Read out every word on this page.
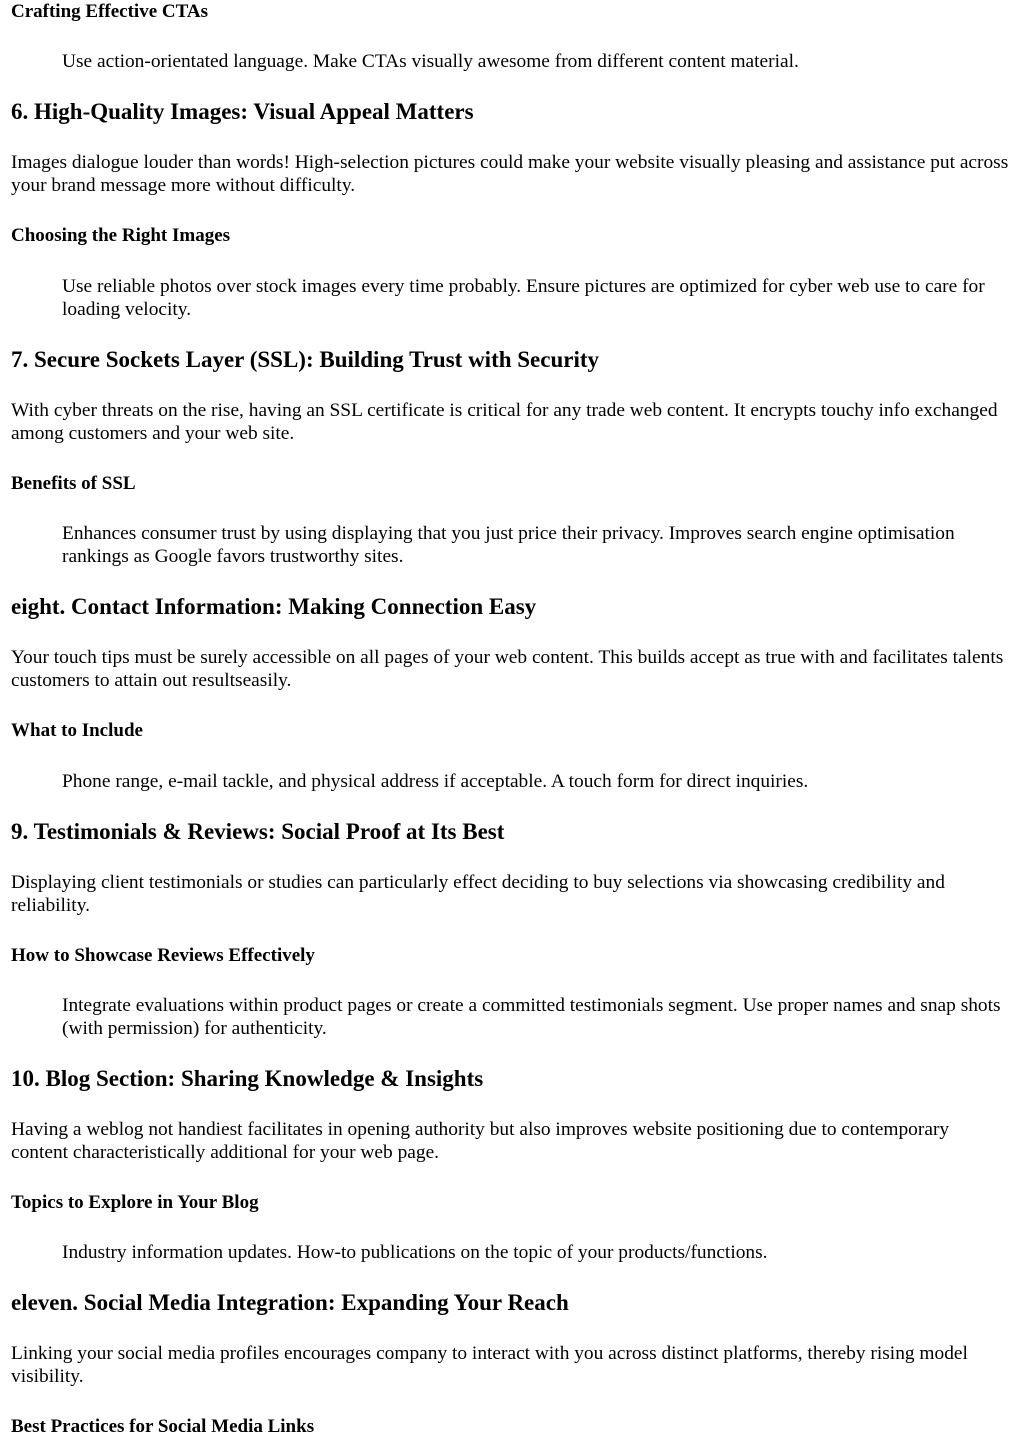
Crafting Effective CTAs
Use action-orientated language. Make CTAs visually awesome from different content material.
6. High-Quality Images: Visual Appeal Matters
Images dialogue louder than words! High-selection pictures could make your website visually pleasing and assistance put across your brand message more without difficulty.
Choosing the Right Images
Use reliable photos over stock images every time probably. Ensure pictures are optimized for cyber web use to care for loading velocity.
7. Secure Sockets Layer (SSL): Building Trust with Security
With cyber threats on the rise, having an SSL certificate is critical for any trade web content. It encrypts touchy info exchanged among customers and your web site.
Benefits of SSL
Enhances consumer trust by using displaying that you just price their privacy. Improves search engine optimisation rankings as Google favors trustworthy sites.
eight. Contact Information: Making Connection Easy
Your touch tips must be surely accessible on all pages of your web content. This builds accept as true with and facilitates talents customers to attain out resultseasily.
What to Include
Phone range, e-mail tackle, and physical address if acceptable. A touch form for direct inquiries.
9. Testimonials & Reviews: Social Proof at Its Best
Displaying client testimonials or studies can particularly effect deciding to buy selections via showcasing credibility and reliability.
How to Showcase Reviews Effectively
Integrate evaluations within product pages or create a committed testimonials segment. Use proper names and snap shots (with permission) for authenticity.
10. Blog Section: Sharing Knowledge & Insights
Having a weblog not handiest facilitates in opening authority but also improves website positioning due to contemporary content characteristically additional for your web page.
Topics to Explore in Your Blog
Industry information updates. How-to publications on the topic of your products/functions.
eleven. Social Media Integration: Expanding Your Reach
Linking your social media profiles encourages company to interact with you across distinct platforms, thereby rising model visibility.
Best Practices for Social Media Links
